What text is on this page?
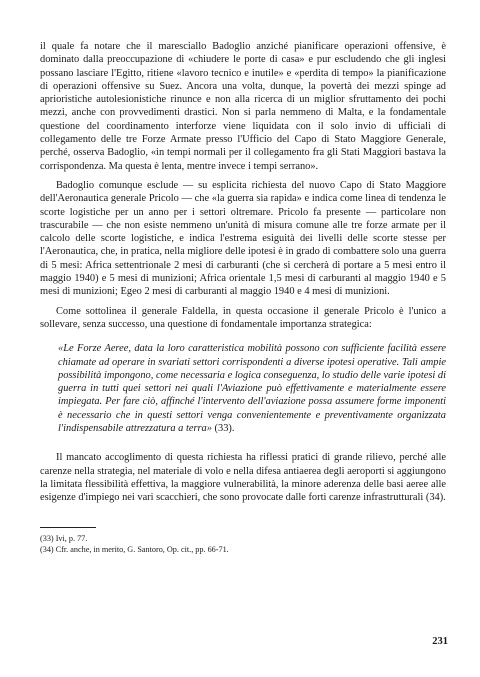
il quale fa notare che il maresciallo Badoglio anziché pianificare operazioni offensive, è dominato dalla preoccupazione di «chiudere le porte di casa» e pur escludendo che gli inglesi possano lasciare l'Egitto, ritiene «lavoro tecnico e inutile» e «perdita di tempo» la pianificazione di operazioni offensive su Suez. Ancora una volta, dunque, la povertà dei mezzi spinge ad aprioristiche autolesionistiche rinunce e non alla ricerca di un miglior sfruttamento dei pochi mezzi, anche con provvedimenti drastici. Non si parla nemmeno di Malta, e la fondamentale questione del coordinamento interforze viene liquidata con il solo invio di ufficiali di collegamento delle tre Forze Armate presso l'Ufficio del Capo di Stato Maggiore Generale, perché, osserva Badoglio, «in tempi normali per il collegamento fra gli Stati Maggiori bastava la corrispondenza. Ma questa è lenta, mentre invece i tempi serrano».

Badoglio comunque esclude — su esplicita richiesta del nuovo Capo di Stato Maggiore dell'Aeronautica generale Pricolo — che «la guerra sia rapida» e indica come linea di tendenza le scorte logistiche per un anno per i settori oltremare. Pricolo fa presente — particolare non trascurabile — che non esiste nemmeno un'unità di misura comune alle tre forze armate per il calcolo delle scorte logistiche, e indica l'estrema esiguità dei livelli delle scorte stesse per l'Aeronautica, che, in pratica, nella migliore delle ipotesi è in grado di combattere solo una guerra di 5 mesi: Africa settentrionale 2 mesi di carburanti (che si cercherà di portare a 5 mesi entro il maggio 1940) e 5 mesi di munizioni; Africa orientale 1,5 mesi di carburanti al maggio 1940 e 5 mesi di munizioni; Egeo 2 mesi di carburanti al maggio 1940 e 4 mesi di munizioni.

Come sottolinea il generale Faldella, in questa occasione il generale Pricolo è l'unico a sollevare, senza successo, una questione di fondamentale importanza strategica:

«Le Forze Aeree, data la loro caratteristica mobilità possono con sufficiente facilità essere chiamate ad operare in svariati settori corrispondenti a diverse ipotesi operative. Tali ampie possibilità impongono, come necessaria e logica conseguenza, lo studio delle varie ipotesi di guerra in tutti quei settori nei quali l'Aviazione può effettivamente e materialmente essere impiegata. Per fare ciò, affinché l'intervento dell'aviazione possa assumere forme imponenti è necessario che in questi settori venga convenientemente e preventivamente organizzata l'indispensabile attrezzatura a terra» (33).

Il mancato accoglimento di questa richiesta ha riflessi pratici di grande rilievo, perché alle carenze nella strategia, nel materiale di volo e nella difesa antiaerea degli aeroporti si aggiungono la limitata flessibilità effettiva, la maggiore vulnerabilità, la minore aderenza delle basi aeree alle esigenze d'impiego nei vari scacchieri, che sono provocate dalle forti carenze infrastrutturali (34).

(33) Ivi, p. 77.

(34) Cfr. anche, in merito, G. Santoro, Op. cit., pp. 66-71.

231
